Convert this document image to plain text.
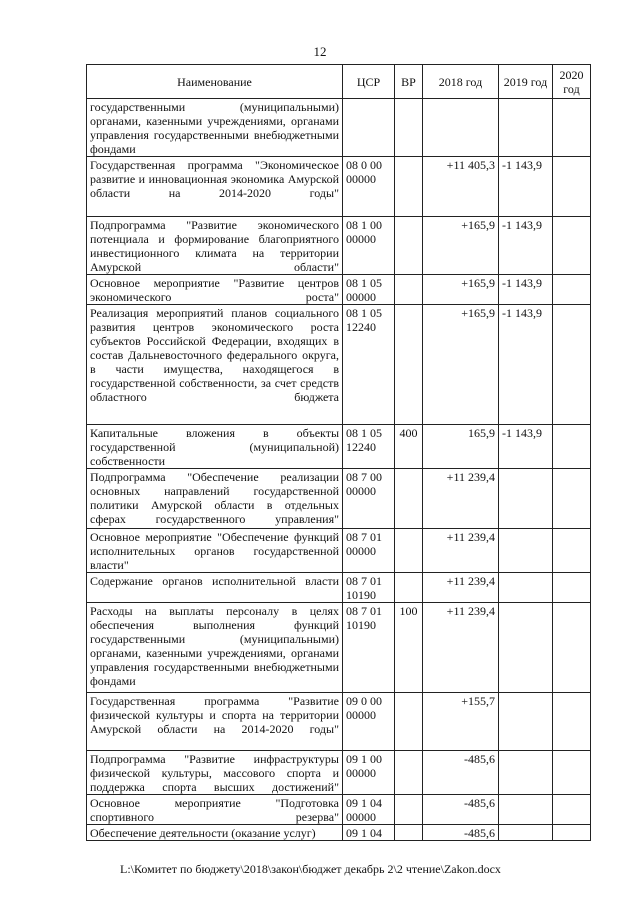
12
Наименование	ЦСР	ВР	2018 год	2019 год	2020 год
государственными (муниципальными) органами, казенными учреждениями, органами управления государственными внебюджетными фондами					
Государственная программа "Экономическое развитие и инновационная экономика Амурской области на 2014-2020 годы"	08 0 00 00000		+11 405,3	-1 143,9	
Подпрограмма "Развитие экономического потенциала и формирование благоприятного инвестиционного климата на территории Амурской области"	08 1 00 00000		+165,9	-1 143,9	
Основное мероприятие "Развитие центров экономического роста"	08 1 05 00000		+165,9	-1 143,9	
Реализация мероприятий планов социального развития центров экономического роста субъектов Российской Федерации, входящих в состав Дальневосточного федерального округа, в части имущества, находящегося в государственной собственности, за счет средств областного бюджета	08 1 05 12240		+165,9	-1 143,9	
Капитальные вложения в объекты государственной (муниципальной) собственности	08 1 05 12240	400	165,9	-1 143,9	
Подпрограмма "Обеспечение реализации основных направлений государственной политики Амурской области в отдельных сферах государственного управления"	08 7 00 00000		+11 239,4		
Основное мероприятие "Обеспечение функций исполнительных органов государственной власти"	08 7 01 00000		+11 239,4		
Содержание органов исполнительной власти	08 7 01 10190		+11 239,4		
Расходы на выплаты персоналу в целях обеспечения выполнения функций государственными (муниципальными) органами, казенными учреждениями, органами управления государственными внебюджетными фондами	08 7 01 10190	100	+11 239,4		
Государственная программа "Развитие физической культуры и спорта на территории Амурской области на 2014-2020 годы"	09 0 00 00000		+155,7		
Подпрограмма "Развитие инфраструктуры физической культуры, массового спорта и поддержка спорта высших достижений"	09 1 00 00000		-485,6		
Основное мероприятие "Подготовка спортивного резерва"	09 1 04 00000		-485,6		
Обеспечение деятельности (оказание услуг)	09 1 04		-485,6		
L:\Комитет по бюджету\2018\закон\бюджет декабрь 2\2 чтение\Zakon.docx
